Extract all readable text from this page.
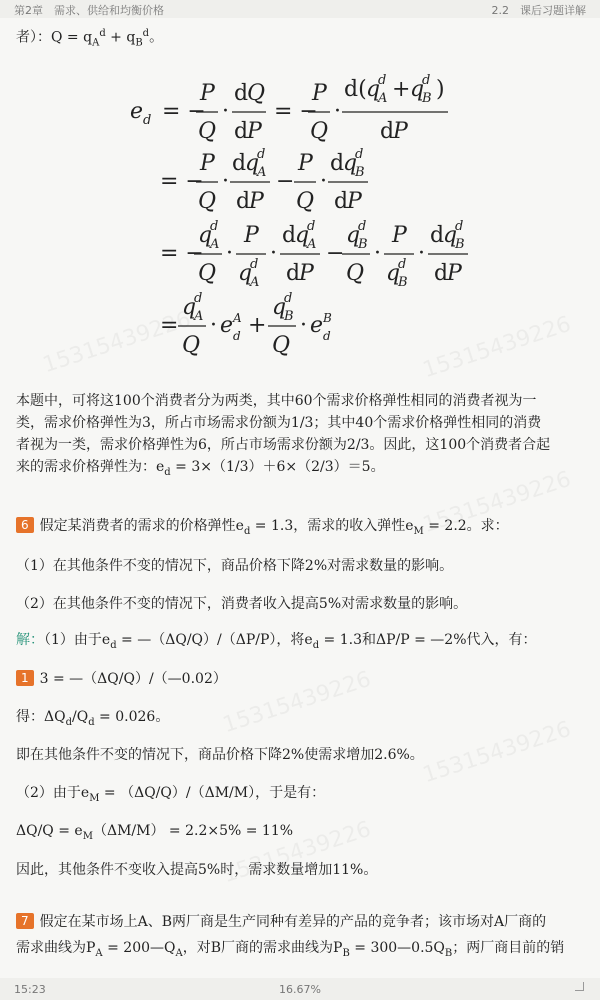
第2章　需求、供给和均衡价格	2.2　课后习题详解
者）：$Q = q_A^d + q_B^d$。
e d = −
P
Q
·
d
Q
d
P
= −
P
Q
·
d( q
d
A + q
d
B )
d
P
= −
P
Q
·
d
q
d
A
d
P
−
P
Q
·
d
q
d
B
d
P
= −
q
d
A
Q
·
P
q
d
A
·
d
q
d
A
d
P
−
q
d
B
Q
·
P
q
d
B
·
d
q
d
B
d
P
=
q
d
A
Q
· e A
d +
q
d
B
Q
· e B
d
本题中，可将这100个消费者分为两类，其中60个需求价格弹性相同的消费者视为一
类，需求价格弹性为3，所占市场需求份额为1/3；其中40个需求价格弹性相同的消费
者视为一类，需求价格弹性为6，所占市场需求份额为2/3。因此，这100个消费者合起
来的需求价格弹性为：$e_d = 3\times(1/3)+6\times(2/3)=5$。
6 假定某消费者的需求的价格弹性$e_d = 1.3$，需求的收入弹性$e_M = 2.2$。求：
（1）在其他条件不变的情况下，商品价格下降2%对需求数量的影响。
（2）在其他条件不变的情况下，消费者收入提高5%对需求数量的影响。
解：（1）由于$e_d$ = —（ΔQ/Q）/（ΔP/P），将$e_d = 1.3$和ΔP/P = —2%代入，有：
1 3 = —（ΔQ/Q）/（—0.02）
得：$\Delta Q_d/Q_d = 0.026$。
即在其他条件不变的情况下，商品价格下降2%使需求增加2.6%。
（2）由于$e_M = (\Delta Q/Q)/(\Delta M/M)$，于是有：
$\Delta Q/Q = e_M(\Delta M/M) = 2.2\times 5\% = 11\%$
因此，其他条件不变收入提高5%时，需求数量增加11%。
7 假定在某市场上A、B两厂商是生产同种有差异的产品的竞争者；该市场对A厂商的
需求曲线为$P_A$ = $200—Q_A$，对B厂商的需求曲线为$P_B$ = $300—0.5Q_B$；两厂商目前的销
15:23	16.67%
